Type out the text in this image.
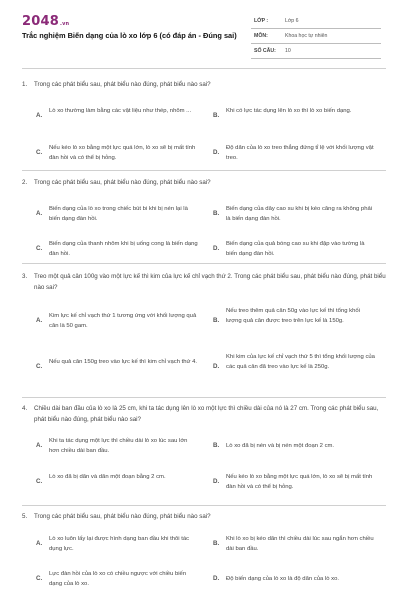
2048.vn
Trắc nghiệm Biến dạng của lò xo lớp 6 (có đáp án - Đúng sai)
LỚP :	Lớp 6
MÔN:	Khoa học tự nhiên
SỐ CÂU: 10
1. Trong các phát biểu sau, phát biểu nào đúng, phát biểu nào sai?
A.
Lò xo thường làm bằng các vật liệu như thép, nhôm ...
B.
Khi có lực tác dụng lên lò xo thì lò xo biến dạng.
C.
Nếu kéo lò xo bằng một lực quá lớn, lò xo sẽ bị mất tính đàn hồi và có thể bị hỏng.
D.
Độ dãn của lò xo treo thẳng đứng tỉ lệ với khối lượng vật treo.
2. Trong các phát biểu sau, phát biểu nào đúng, phát biểu nào sai?
A.
Biến dạng của lò xo trong chiếc bút bi khi bị nén lại là biến dạng đàn hồi.
B.
Biến dạng của dây cao su khi bị kéo căng ra không phải là biến dạng đàn hồi.
C.
Biến dạng của thanh nhôm khi bị uống cong là biến dạng đàn hồi.
D.
Biến dạng của quả bóng cao su khi đập vào tường là biến dạng đàn hồi.
3. Treo một quả cân 100g vào một lực kế thì kim của lực kế chỉ vạch thứ 2. Trong các phát biểu sau, phát biểu nào đúng, phát biểu nào sai?
A.
Kim lực kế chỉ vạch thứ 1 tương ứng với khối lượng quả cân là 50 gam.
B.
Nếu treo thêm quả cân 50g vào lực kế thì tổng khối lượng quả cân được treo trên lực kế là 150g.
C.
Nếu quả cân 150g treo vào lực kế thì kim chỉ vạch thứ 4.
D.
Khi kim của lực kế chỉ vạch thứ 5 thì tổng khối lượng của các quả cân đã treo vào lực kế là 250g.
4. Chiều dài ban đầu của lò xo là 25 cm, khi ta tác dụng lên lò xo một lực thì chiều dài của nó là 27 cm. Trong các phát biểu sau, phát biểu nào đúng, phát biểu nào sai?
A.
Khi ta tác dụng một lực thì chiều dài lò xo lúc sau lớn hơn chiều dài ban đầu.
B. Lò xo đã bị nén và bị nén một đoạn 2 cm.
C.
Lò xo đã bị dãn và dãn một đoạn bằng 2 cm.
D.
Nếu kéo lò xo bằng một lực quá lớn, lò xo sẽ bị mất tính đàn hồi và có thể bị hỏng.
5. Trong các phát biểu sau, phát biểu nào đúng, phát biểu nào sai?
A.
Lò xo luôn lấy lại được hình dạng ban đầu khi thôi tác dụng lực.
B.
Khi lò xo bị kéo dãn thì chiều dài lúc sau ngắn hơn chiều dài ban đầu.
C.
Lực đàn hồi của lò xo có chiều ngược với chiều biến dạng của lò xo.
D. Độ biến dạng của lò xo là độ dãn của lò xo.
